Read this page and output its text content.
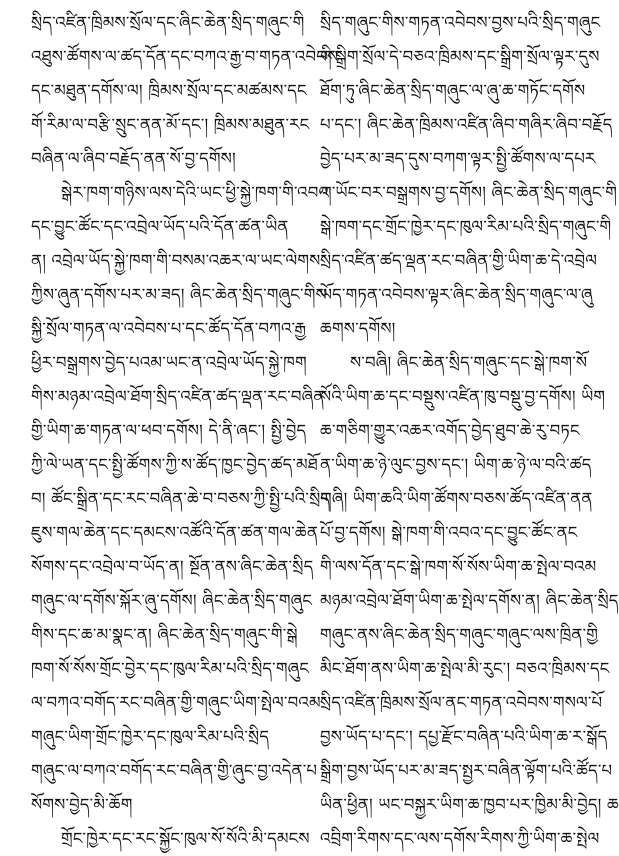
སྲིད་འཛིན་ཁྲིམས་སྲོལ་དང་ཞིང་ཆེན་སྲིད་གཞུང་གི
འཐུས་ཚོགས་ལ་ཚད་དོན་དང་བཀའ་རྒྱ་བ་གཏན་འབེབས
དང་མཐུན་དགོས་ལ། ཁྲིམས་སྲོལ་དང་མཚམས་དང
གོ་རིམ་ལ་བརྩི་སྲུང་ནན་མོ་དང་། ཁྲིམས་མཐུན་རང
བཞིན་ལ་ཞིབ་བརྗོད་ནན་སོ་བྱ་དགོས།
སྒེར་ཁག་གཉིས་ལས་དེའི་ཡང་ཕྱི་སྐྱེ་ཁག་གི་འབའ
དང་བྱུང་ཚོང་དང་འབྲེལ་ཡོད་པའི་དོན་ཚན་ཡིན
ན། འབྲེལ་ཡོད་སྐྱེ་ཁག་གི་བསམ་འཆར་ལ་ཡང་ལེགས
ཀྱིས་ཞུན་དགོས་པར་མ་ཟད། ཞིང་ཆེན་སྲིད་གཞུང་གིས
སྐྱི་སྲོལ་གཏན་ལ་འབེབས་པ་དང་ཚོད་དོན་བཀའ་རྒྱ
ཕྱིར་བསྒྲགས་བྱེད་པའམ་ཡང་ན་འབྲེལ་ཡོད་སྐྱེ་ཁག
གིས་མཉམ་འབྲེལ་ཐོག་སྲིད་འཛིན་ཚད་ལྡན་རང་བཞིན
གྱི་ཡིག་ཆ་གཏན་ལ་ཕབ་དགོས། དེ་ནི་ཞང་། སྤྱི་བྱེད
ཀྱི་ལེ་ཡན་དང་སྤྱི་ཚོགས་ཀྱི་ས་ཚོད་ཁྱང་བྱེད་ཚད་མཐོ
བ། ཚོང་སྒྲིན་དང་རང་བཞིན་ཆེ་བ་བཅས་ཀྱི་སྤྱི་པའི་སྲིད
ཇུས་གལ་ཆེན་དང་དམངས་འཚོའི་དོན་ཚན་གལ་ཆེན
སོགས་དང་འབྲེལ་བ་ཡོད་ན། སྔོན་ནས་ཞིང་ཆེན་སྲིད
གཞུང་ལ་དགོས་སྐོར་ཞུ་དགོས། ཞིང་ཆེན་སྲིད་གཞུང
གིས་དང་ཆ་མ་སྣང་ན། ཞིང་ཆེན་སྲིད་གཞུང་གི་སྒེ
ཁག་སོ་སོས་གྲོང་བྱེར་དང་ཁུལ་རིམ་པའི་སྲིད་གཞུང
ལ་བཀའ་བགོད་རང་བཞིན་གྱི་གཞུང་ཡིག་སྤེལ་བའམ
གཞུང་ཡིག་གྲོང་ཁྱེར་དང་ཁུལ་རིམ་པའི་སྲིད
གཞུང་ལ་བཀའ་བགོད་རང་བཞིན་གྱི་ཞུང་བྱ་འདེན་པ
སོགས་བྱེད་མི་ཆོག
གྲོང་ཁྱེར་དང་རང་སྐྱོང་ཁུལ་སོ་སོའི་མི་དམངས
སྲིད་གཞུང་གིས་གཏན་འབེབས་བྱས་པའི་སྲིད་གཞུང
གི་སྒྲིག་སྲོལ་དེ་བཅའ་ཁྲིམས་དང་སྒྲིག་སྲོལ་ལྟར་དུས
ཐོག་ཏུ་ཞིང་ཆེན་སྲིད་གཞུང་ལ་ཞུ་ཆ་གཏོང་དགོས
པ་དང་། ཞིང་ཆེན་ཁྲིམས་འཛིན་ཞིབ་གཞིར་ཞིབ་བརྗོད
བྱེད་པར་མ་ཟད་དུས་བཀག་ལྟར་སྤྱི་ཚོགས་ལ་དཔར
ཀ་ཡོང་བར་བསྒྲགས་བྱ་དགོས། ཞིང་ཆེན་སྲིད་གཞུང་གི
སྒེ་ཁག་དང་གྲོང་ཁྱེར་དང་ཁུལ་རིམ་པའི་སྲིད་གཞུང་གི
སྲིད་འཛིན་ཚད་ལྡན་རང་བཞིན་གྱི་ཡིག་ཆ་དེ་འབྲེལ
ཡོད་གཏན་འབེབས་ལྟར་ཞིང་ཆེན་སྲིད་གཞུང་ལ་ཞུ
ཆགས་དགོས།
ས་བཞི། ཞིང་ཆེན་སྲིད་གཞུང་དང་སྒེ་ཁག་སོ
སོའི་ཡིག་ཆ་དང་བསྡུས་འཛིན་ཁུ་བསྡུ་བྱ་དགོས། ཡིག
ཆ་གཅིག་གྱུར་འཆར་འགོད་བྱེད་ཐུབ་ཆེ་རུ་བཏང
ན་ཡིག་ཆ་ཉེ་ལུང་བྱས་དང་། ཡིག་ཆ་ཉེ་ལ་བའི་ཚད
གཞི། ཡིག་ཆའི་ཡིག་ཚོགས་བཅས་ཚོད་འཛིན་ནན
པོ་བྱ་དགོས། སྒེ་ཁག་གི་འབའ་དང་བྱུང་ཚོང་ནང
གི་ལས་དོན་དང་སྒེ་ཁག་སོ་སོས་ཡིག་ཆ་སྤེལ་བའམ
མཉམ་འབྲེལ་ཐོག་ཡིག་ཆ་སྤེལ་དགོས་ན། ཞིང་ཆེན་སྲིད
གཞུང་ནས་ཞིང་ཆེན་སྲིད་གཞུང་གཞུང་ལས་ཁྲིན་གྱི
མིང་ཐོག་ནས་ཡིག་ཆ་སྤེལ་མི་རུང་། བཅའ་ཁྲིམས་དང
སྲིད་འཛིན་ཁྲིམས་སྲོལ་ནང་གཏན་འབེབས་གསལ་པོ
བྱས་ཡོད་པ་དང་། དཔྱ་རྫོང་བཞིན་པའི་ཡིག་ཆ་ར་སྒོད
སྒྲིག་བྱས་ཡོད་པར་མ་ཟད་སྤྱར་བཞིན་ལྟོག་པའི་ཚོད་པ
ཡིན་ཕྱིན། ཡང་བསྐྱར་ཡིག་ཆ་ཁྱབ་པར་ཁྱིམ་མི་བྱེད། ཆ
འབྲིག་རིགས་དང་ལས་དགོས་རིགས་ཀྱི་ཡིག་ཆ་སྤེལ
